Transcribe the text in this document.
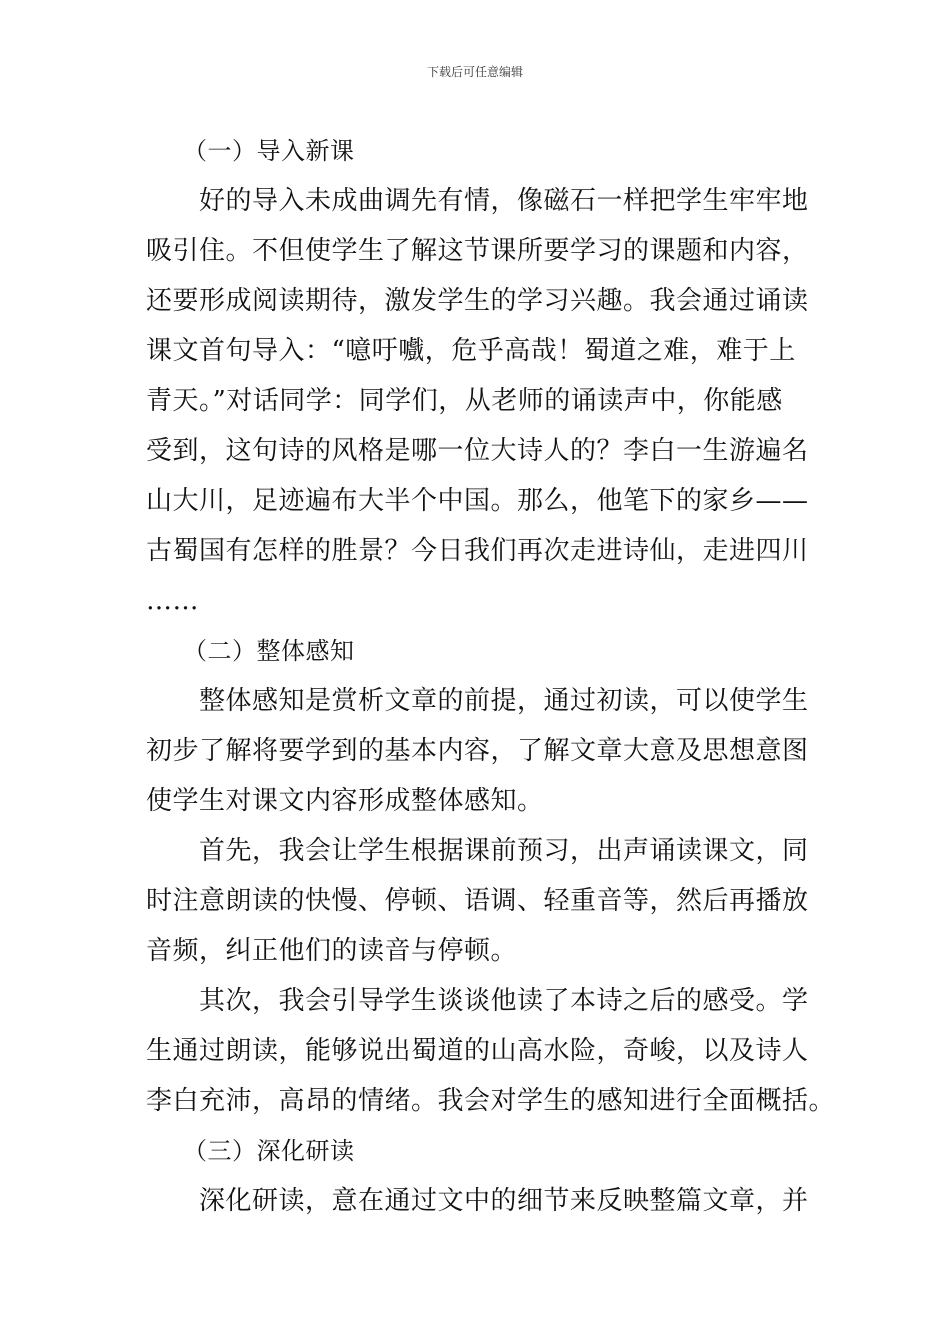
下载后可任意编辑
　　（一）导入新课
　　好的导入未成曲调先有情，像磁石一样把学生牢牢地
吸引住。不但使学生了解这节课所要学习的课题和内容，
还要形成阅读期待，激发学生的学习兴趣。我会通过诵读
课文首句导入：“噫吁嚱，危乎高哉！蜀道之难，难于上
青天。”对话同学：同学们，从老师的诵读声中，你能感
受到，这句诗的风格是哪一位大诗人的？李白一生游遍名
山大川，足迹遍布大半个中国。那么，他笔下的家乡——
古蜀国有怎样的胜景？今日我们再次走进诗仙，走进四川
……
　　（二）整体感知
　　整体感知是赏析文章的前提，通过初读，可以使学生
初步了解将要学到的基本内容，了解文章大意及思想意图
使学生对课文内容形成整体感知。
　　首先，我会让学生根据课前预习，出声诵读课文，同
时注意朗读的快慢、停顿、语调、轻重音等，然后再播放
音频，纠正他们的读音与停顿。
　　其次，我会引导学生谈谈他读了本诗之后的感受。学
生通过朗读，能够说出蜀道的山高水险，奇峻，以及诗人
李白充沛，高昂的情绪。我会对学生的感知进行全面概括。
　　（三）深化研读
　　深化研读，意在通过文中的细节来反映整篇文章，并
